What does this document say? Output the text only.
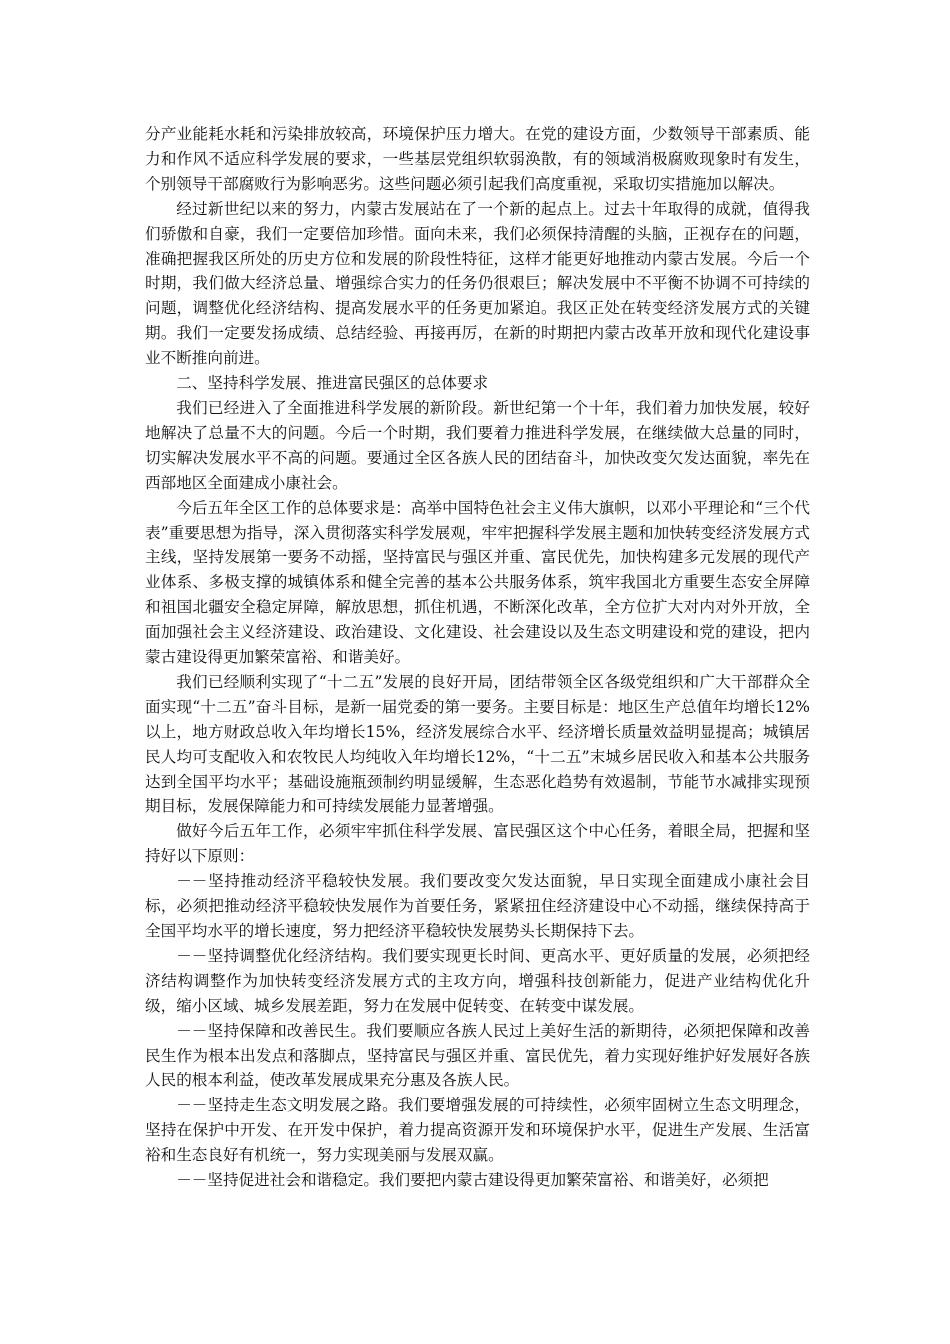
分产业能耗水耗和污染排放较高，环境保护压力增大。在党的建设方面，少数领导干部素质、能力和作风不适应科学发展的要求，一些基层党组织软弱涣散，有的领域消极腐败现象时有发生，个别领导干部腐败行为影响恶劣。这些问题必须引起我们高度重视，采取切实措施加以解决。

经过新世纪以来的努力，内蒙古发展站在了一个新的起点上。过去十年取得的成就，值得我们骄傲和自豪，我们一定要倍加珍惜。面向未来，我们必须保持清醒的头脑，正视存在的问题，准确把握我区所处的历史方位和发展的阶段性特征，这样才能更好地推动内蒙古发展。今后一个时期，我们做大经济总量、增强综合实力的任务仍很艰巨；解决发展中不平衡不协调不可持续的问题，调整优化经济结构、提高发展水平的任务更加紧迫。我区正处在转变经济发展方式的关键期。我们一定要发扬成绩、总结经验、再接再厉，在新的时期把内蒙古改革开放和现代化建设事业不断推向前进。

二、坚持科学发展、推进富民强区的总体要求

我们已经进入了全面推进科学发展的新阶段。新世纪第一个十年，我们着力加快发展，较好地解决了总量不大的问题。今后一个时期，我们要着力推进科学发展，在继续做大总量的同时，切实解决发展水平不高的问题。要通过全区各族人民的团结奋斗，加快改变欠发达面貌，率先在西部地区全面建成小康社会。

今后五年全区工作的总体要求是：高举中国特色社会主义伟大旗帜，以邓小平理论和“三个代表”重要思想为指导，深入贯彻落实科学发展观，牢牢把握科学发展主题和加快转变经济发展方式主线，坚持发展第一要务不动摇，坚持富民与强区并重、富民优先，加快构建多元发展的现代产业体系、多极支撑的城镇体系和健全完善的基本公共服务体系，筑牢我国北方重要生态安全屏障和祖国北疆安全稳定屏障，解放思想，抓住机遇，不断深化改革，全方位扩大对内对外开放，全面加强社会主义经济建设、政治建设、文化建设、社会建设以及生态文明建设和党的建设，把内蒙古建设得更加繁荣富裕、和谐美好。

我们已经顺利实现了“十二五”发展的良好开局，团结带领全区各级党组织和广大干部群众全面实现“十二五”奋斗目标，是新一届党委的第一要务。主要目标是：地区生产总值年均增长12%以上，地方财政总收入年均增长15%，经济发展综合水平、经济增长质量效益明显提高；城镇居民人均可支配收入和农牧民人均纯收入年均增长12%，“十二五”末城乡居民收入和基本公共服务达到全国平均水平；基础设施瓶颈制约明显缓解，生态恶化趋势有效遏制，节能节水减排实现预期目标，发展保障能力和可持续发展能力显著增强。

做好今后五年工作，必须牢牢抓住科学发展、富民强区这个中心任务，着眼全局，把握和坚持好以下原则：

－－坚持推动经济平稳较快发展。我们要改变欠发达面貌，早日实现全面建成小康社会目标，必须把推动经济平稳较快发展作为首要任务，紧紧扭住经济建设中心不动摇，继续保持高于全国平均水平的增长速度，努力把经济平稳较快发展势头长期保持下去。

－－坚持调整优化经济结构。我们要实现更长时间、更高水平、更好质量的发展，必须把经济结构调整作为加快转变经济发展方式的主攻方向，增强科技创新能力，促进产业结构优化升级，缩小区域、城乡发展差距，努力在发展中促转变、在转变中谋发展。

－－坚持保障和改善民生。我们要顺应各族人民过上美好生活的新期待，必须把保障和改善民生作为根本出发点和落脚点，坚持富民与强区并重、富民优先，着力实现好维护好发展好各族人民的根本利益，使改革发展成果充分惠及各族人民。

－－坚持走生态文明发展之路。我们要增强发展的可持续性，必须牢固树立生态文明理念，坚持在保护中开发、在开发中保护，着力提高资源开发和环境保护水平，促进生产发展、生活富裕和生态良好有机统一，努力实现美丽与发展双赢。

－－坚持促进社会和谐稳定。我们要把内蒙古建设得更加繁荣富裕、和谐美好，必须把
